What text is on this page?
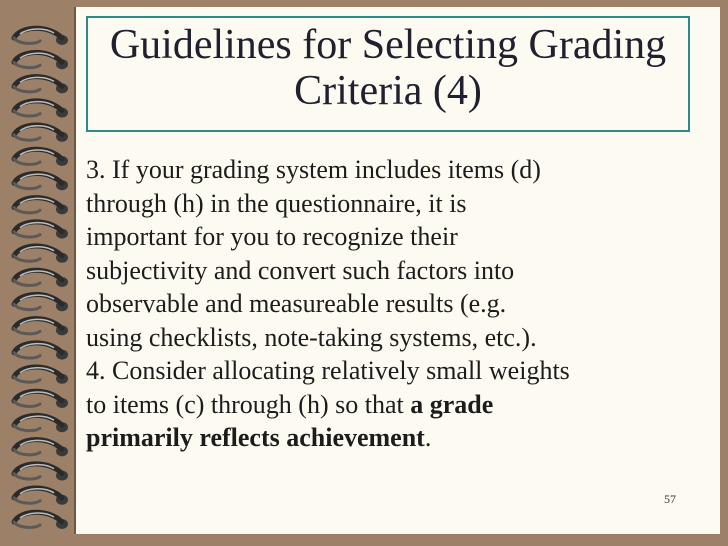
Guidelines for Selecting Grading
Criteria (4)

3. If your grading system includes items (d)
through (h) in the questionnaire, it is
important for you to recognize their
subjectivity and convert such factors into
observable and measureable results (e.g.
using checklists, note-taking systems, etc.).

4. Consider allocating relatively small weights
to items (c) through (h) so that a grade
primarily reflects achievement.

57
